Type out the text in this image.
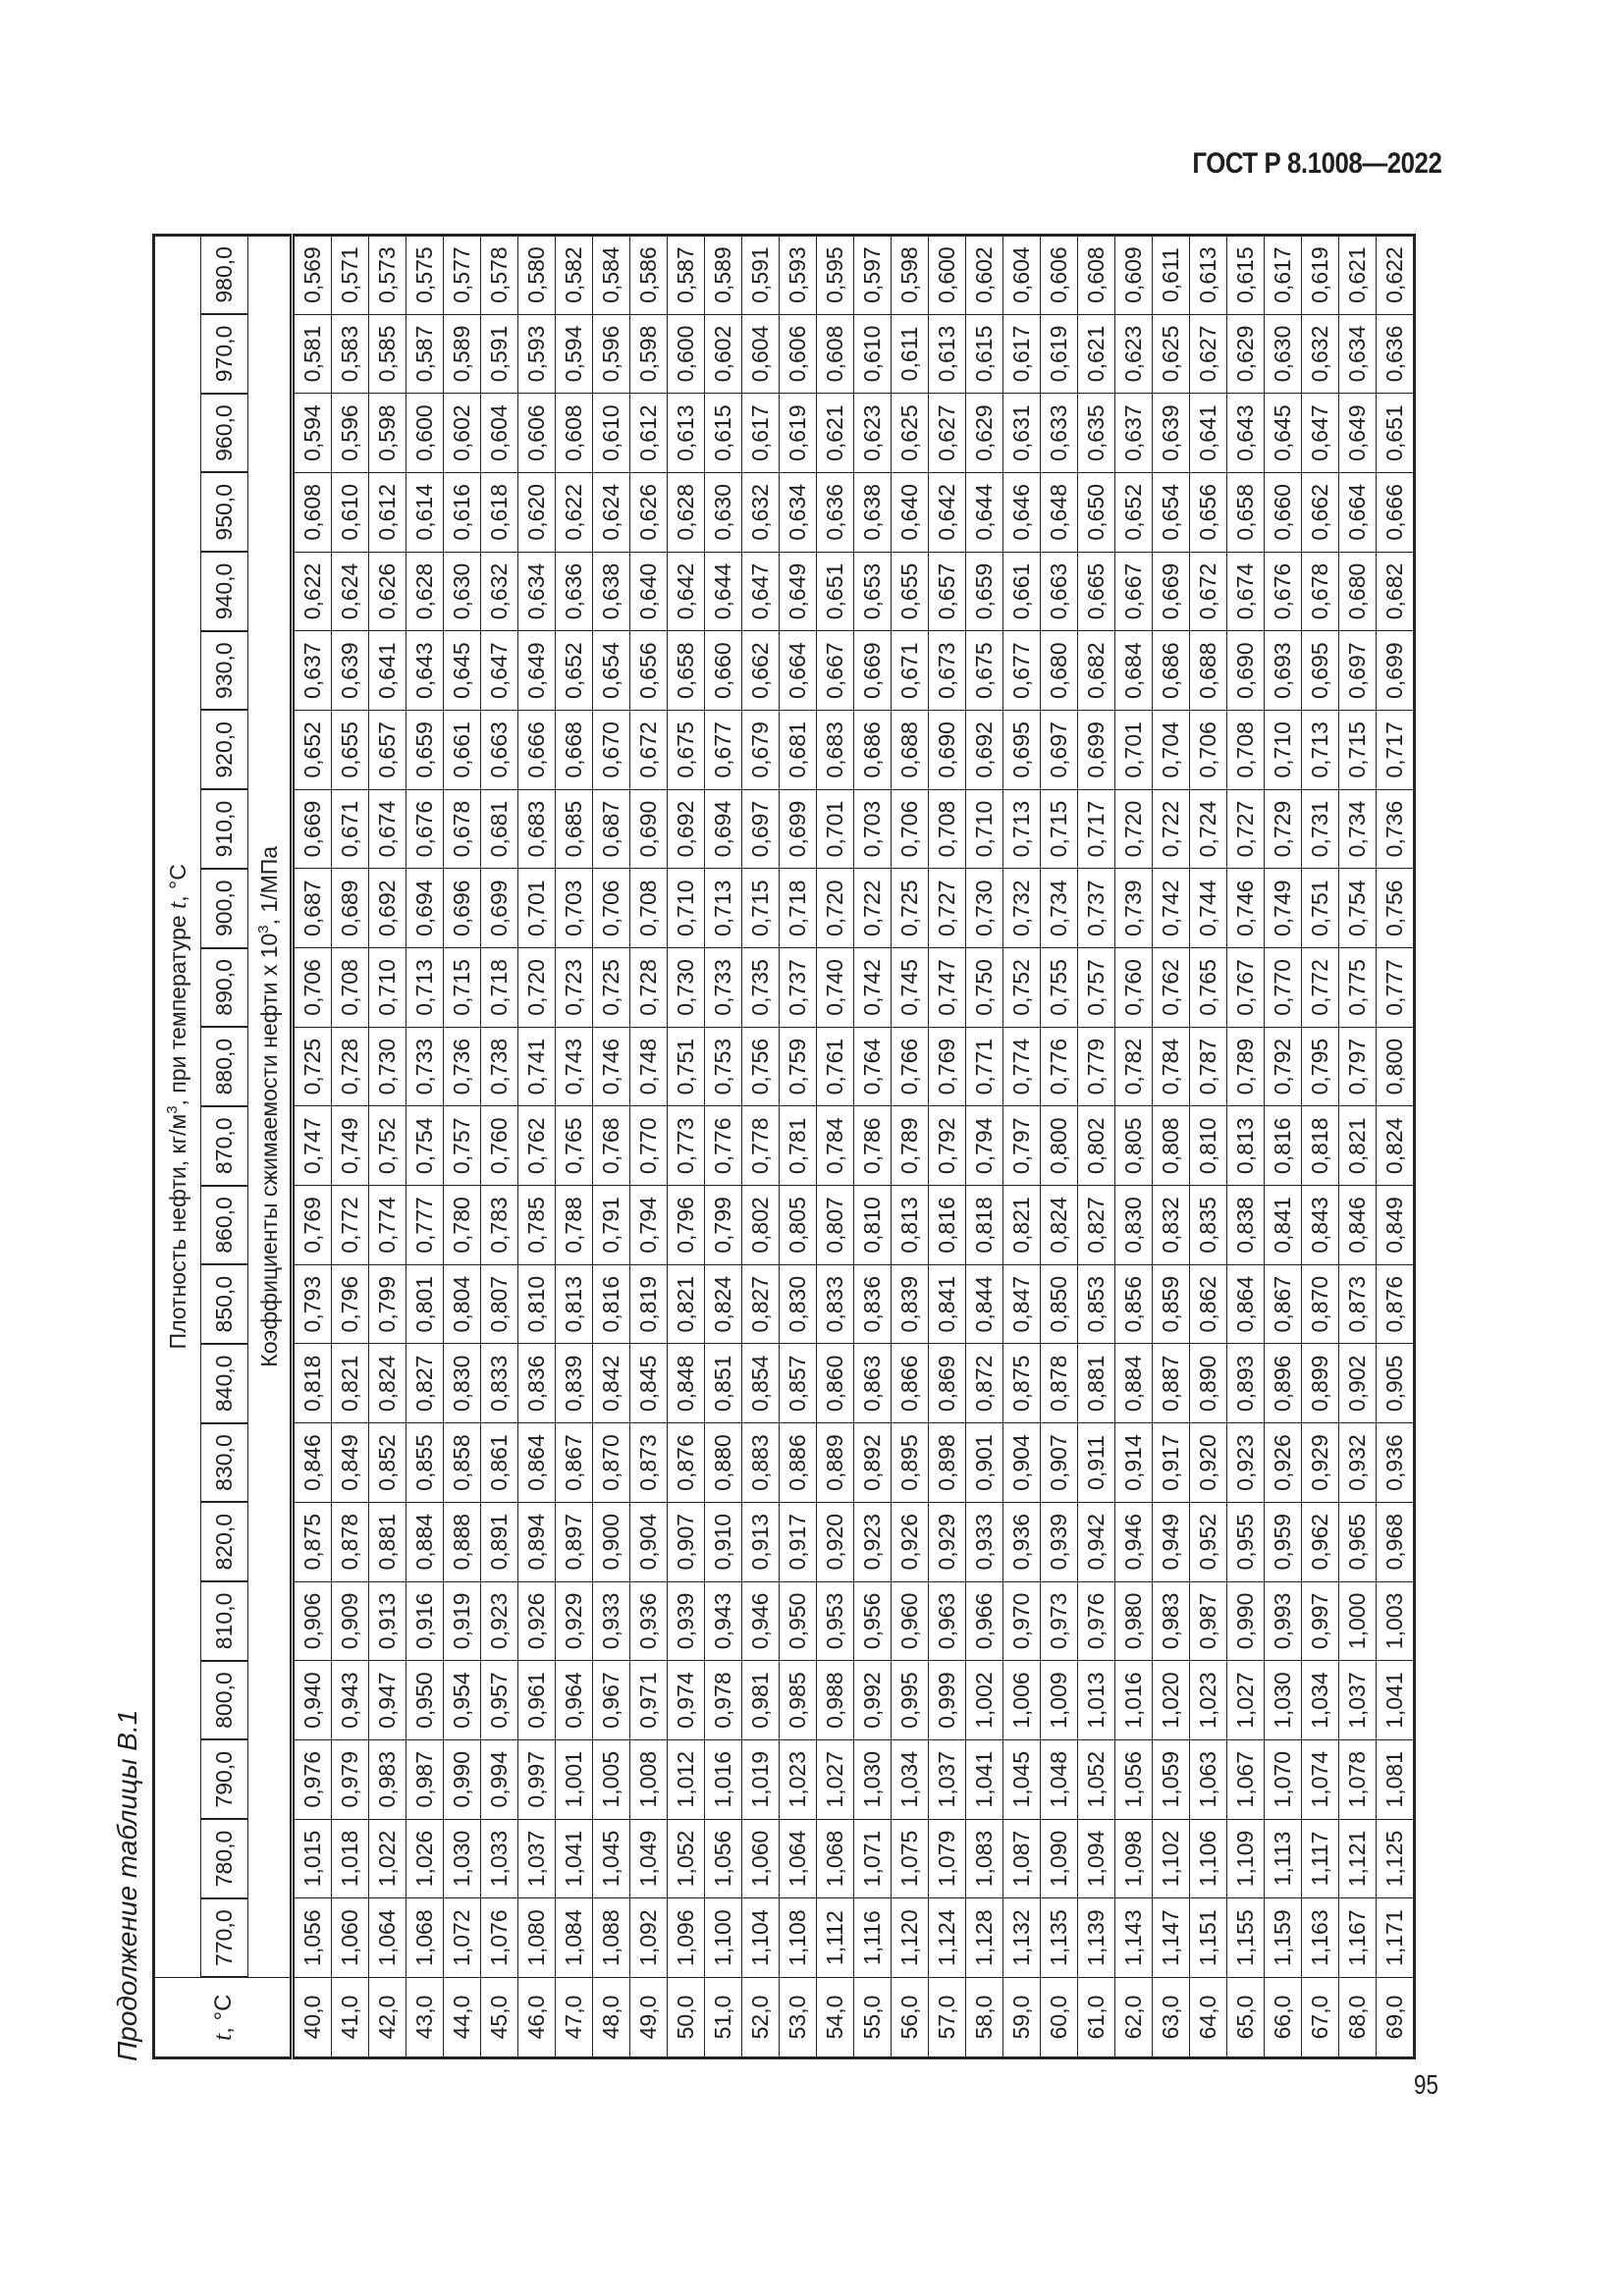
ГОСТ Р 8.1008—2022
Продолжение таблицы В.1	t, °C	Плотность нефти, $кг/м^3$, при температуре t, °C																					
	770,0	780,0	790,0	800,0	810,0	820,0	830,0	840,0	850,0	860,0	870,0	880,0	890,0	900,0	910,0	920,0	930,0	940,0	950,0	960,0	970,0	980,0
	Коэффициенты сжимаемости нефти x $10^3$, 1/МПа																					
40,0	1,056	1,015	0,976	0,940	0,906	0,875	0,846	0,818	0,793	0,769	0,747	0,725	0,706	0,687	0,669	0,652	0,637	0,622	0,608	0,594	0,581	0,569
41,0	1,060	1,018	0,979	0,943	0,909	0,878	0,849	0,821	0,796	0,772	0,749	0,728	0,708	0,689	0,671	0,655	0,639	0,624	0,610	0,596	0,583	0,571
42,0	1,064	1,022	0,983	0,947	0,913	0,881	0,852	0,824	0,799	0,774	0,752	0,730	0,710	0,692	0,674	0,657	0,641	0,626	0,612	0,598	0,585	0,573
43,0	1,068	1,026	0,987	0,950	0,916	0,884	0,855	0,827	0,801	0,777	0,754	0,733	0,713	0,694	0,676	0,659	0,643	0,628	0,614	0,600	0,587	0,575
44,0	1,072	1,030	0,990	0,954	0,919	0,888	0,858	0,830	0,804	0,780	0,757	0,736	0,715	0,696	0,678	0,661	0,645	0,630	0,616	0,602	0,589	0,577
45,0	1,076	1,033	0,994	0,957	0,923	0,891	0,861	0,833	0,807	0,783	0,760	0,738	0,718	0,699	0,681	0,663	0,647	0,632	0,618	0,604	0,591	0,578
46,0	1,080	1,037	0,997	0,961	0,926	0,894	0,864	0,836	0,810	0,785	0,762	0,741	0,720	0,701	0,683	0,666	0,649	0,634	0,620	0,606	0,593	0,580
47,0	1,084	1,041	1,001	0,964	0,929	0,897	0,867	0,839	0,813	0,788	0,765	0,743	0,723	0,703	0,685	0,668	0,652	0,636	0,622	0,608	0,594	0,582
48,0	1,088	1,045	1,005	0,967	0,933	0,900	0,870	0,842	0,816	0,791	0,768	0,746	0,725	0,706	0,687	0,670	0,654	0,638	0,624	0,610	0,596	0,584
49,0	1,092	1,049	1,008	0,971	0,936	0,904	0,873	0,845	0,819	0,794	0,770	0,748	0,728	0,708	0,690	0,672	0,656	0,640	0,626	0,612	0,598	0,586
50,0	1,096	1,052	1,012	0,974	0,939	0,907	0,876	0,848	0,821	0,796	0,773	0,751	0,730	0,710	0,692	0,675	0,658	0,642	0,628	0,613	0,600	0,587
51,0	1,100	1,056	1,016	0,978	0,943	0,910	0,880	0,851	0,824	0,799	0,776	0,753	0,733	0,713	0,694	0,677	0,660	0,644	0,630	0,615	0,602	0,589
52,0	1,104	1,060	1,019	0,981	0,946	0,913	0,883	0,854	0,827	0,802	0,778	0,756	0,735	0,715	0,697	0,679	0,662	0,647	0,632	0,617	0,604	0,591
53,0	1,108	1,064	1,023	0,985	0,950	0,917	0,886	0,857	0,830	0,805	0,781	0,759	0,737	0,718	0,699	0,681	0,664	0,649	0,634	0,619	0,606	0,593
54,0	1,112	1,068	1,027	0,988	0,953	0,920	0,889	0,860	0,833	0,807	0,784	0,761	0,740	0,720	0,701	0,683	0,667	0,651	0,636	0,621	0,608	0,595
55,0	1,116	1,071	1,030	0,992	0,956	0,923	0,892	0,863	0,836	0,810	0,786	0,764	0,742	0,722	0,703	0,686	0,669	0,653	0,638	0,623	0,610	0,597
56,0	1,120	1,075	1,034	0,995	0,960	0,926	0,895	0,866	0,839	0,813	0,789	0,766	0,745	0,725	0,706	0,688	0,671	0,655	0,640	0,625	0,611	0,598
57,0	1,124	1,079	1,037	0,999	0,963	0,929	0,898	0,869	0,841	0,816	0,792	0,769	0,747	0,727	0,708	0,690	0,673	0,657	0,642	0,627	0,613	0,600
58,0	1,128	1,083	1,041	1,002	0,966	0,933	0,901	0,872	0,844	0,818	0,794	0,771	0,750	0,730	0,710	0,692	0,675	0,659	0,644	0,629	0,615	0,602
59,0	1,132	1,087	1,045	1,006	0,970	0,936	0,904	0,875	0,847	0,821	0,797	0,774	0,752	0,732	0,713	0,695	0,677	0,661	0,646	0,631	0,617	0,604
60,0	1,135	1,090	1,048	1,009	0,973	0,939	0,907	0,878	0,850	0,824	0,800	0,776	0,755	0,734	0,715	0,697	0,680	0,663	0,648	0,633	0,619	0,606
61,0	1,139	1,094	1,052	1,013	0,976	0,942	0,911	0,881	0,853	0,827	0,802	0,779	0,757	0,737	0,717	0,699	0,682	0,665	0,650	0,635	0,621	0,608
62,0	1,143	1,098	1,056	1,016	0,980	0,946	0,914	0,884	0,856	0,830	0,805	0,782	0,760	0,739	0,720	0,701	0,684	0,667	0,652	0,637	0,623	0,609
63,0	1,147	1,102	1,059	1,020	0,983	0,949	0,917	0,887	0,859	0,832	0,808	0,784	0,762	0,742	0,722	0,704	0,686	0,669	0,654	0,639	0,625	0,611
64,0	1,151	1,106	1,063	1,023	0,987	0,952	0,920	0,890	0,862	0,835	0,810	0,787	0,765	0,744	0,724	0,706	0,688	0,672	0,656	0,641	0,627	0,613
65,0	1,155	1,109	1,067	1,027	0,990	0,955	0,923	0,893	0,864	0,838	0,813	0,789	0,767	0,746	0,727	0,708	0,690	0,674	0,658	0,643	0,629	0,615
66,0	1,159	1,113	1,070	1,030	0,993	0,959	0,926	0,896	0,867	0,841	0,816	0,792	0,770	0,749	0,729	0,710	0,693	0,676	0,660	0,645	0,630	0,617
67,0	1,163	1,117	1,074	1,034	0,997	0,962	0,929	0,899	0,870	0,843	0,818	0,795	0,772	0,751	0,731	0,713	0,695	0,678	0,662	0,647	0,632	0,619
68,0	1,167	1,121	1,078	1,037	1,000	0,965	0,932	0,902	0,873	0,846	0,821	0,797	0,775	0,754	0,734	0,715	0,697	0,680	0,664	0,649	0,634	0,621
69,0	1,171	1,125	1,081	1,041	1,003	0,968	0,936	0,905	0,876	0,849	0,824	0,800	0,777	0,756	0,736	0,717	0,699	0,682	0,666	0,651	0,636	0,622
95
